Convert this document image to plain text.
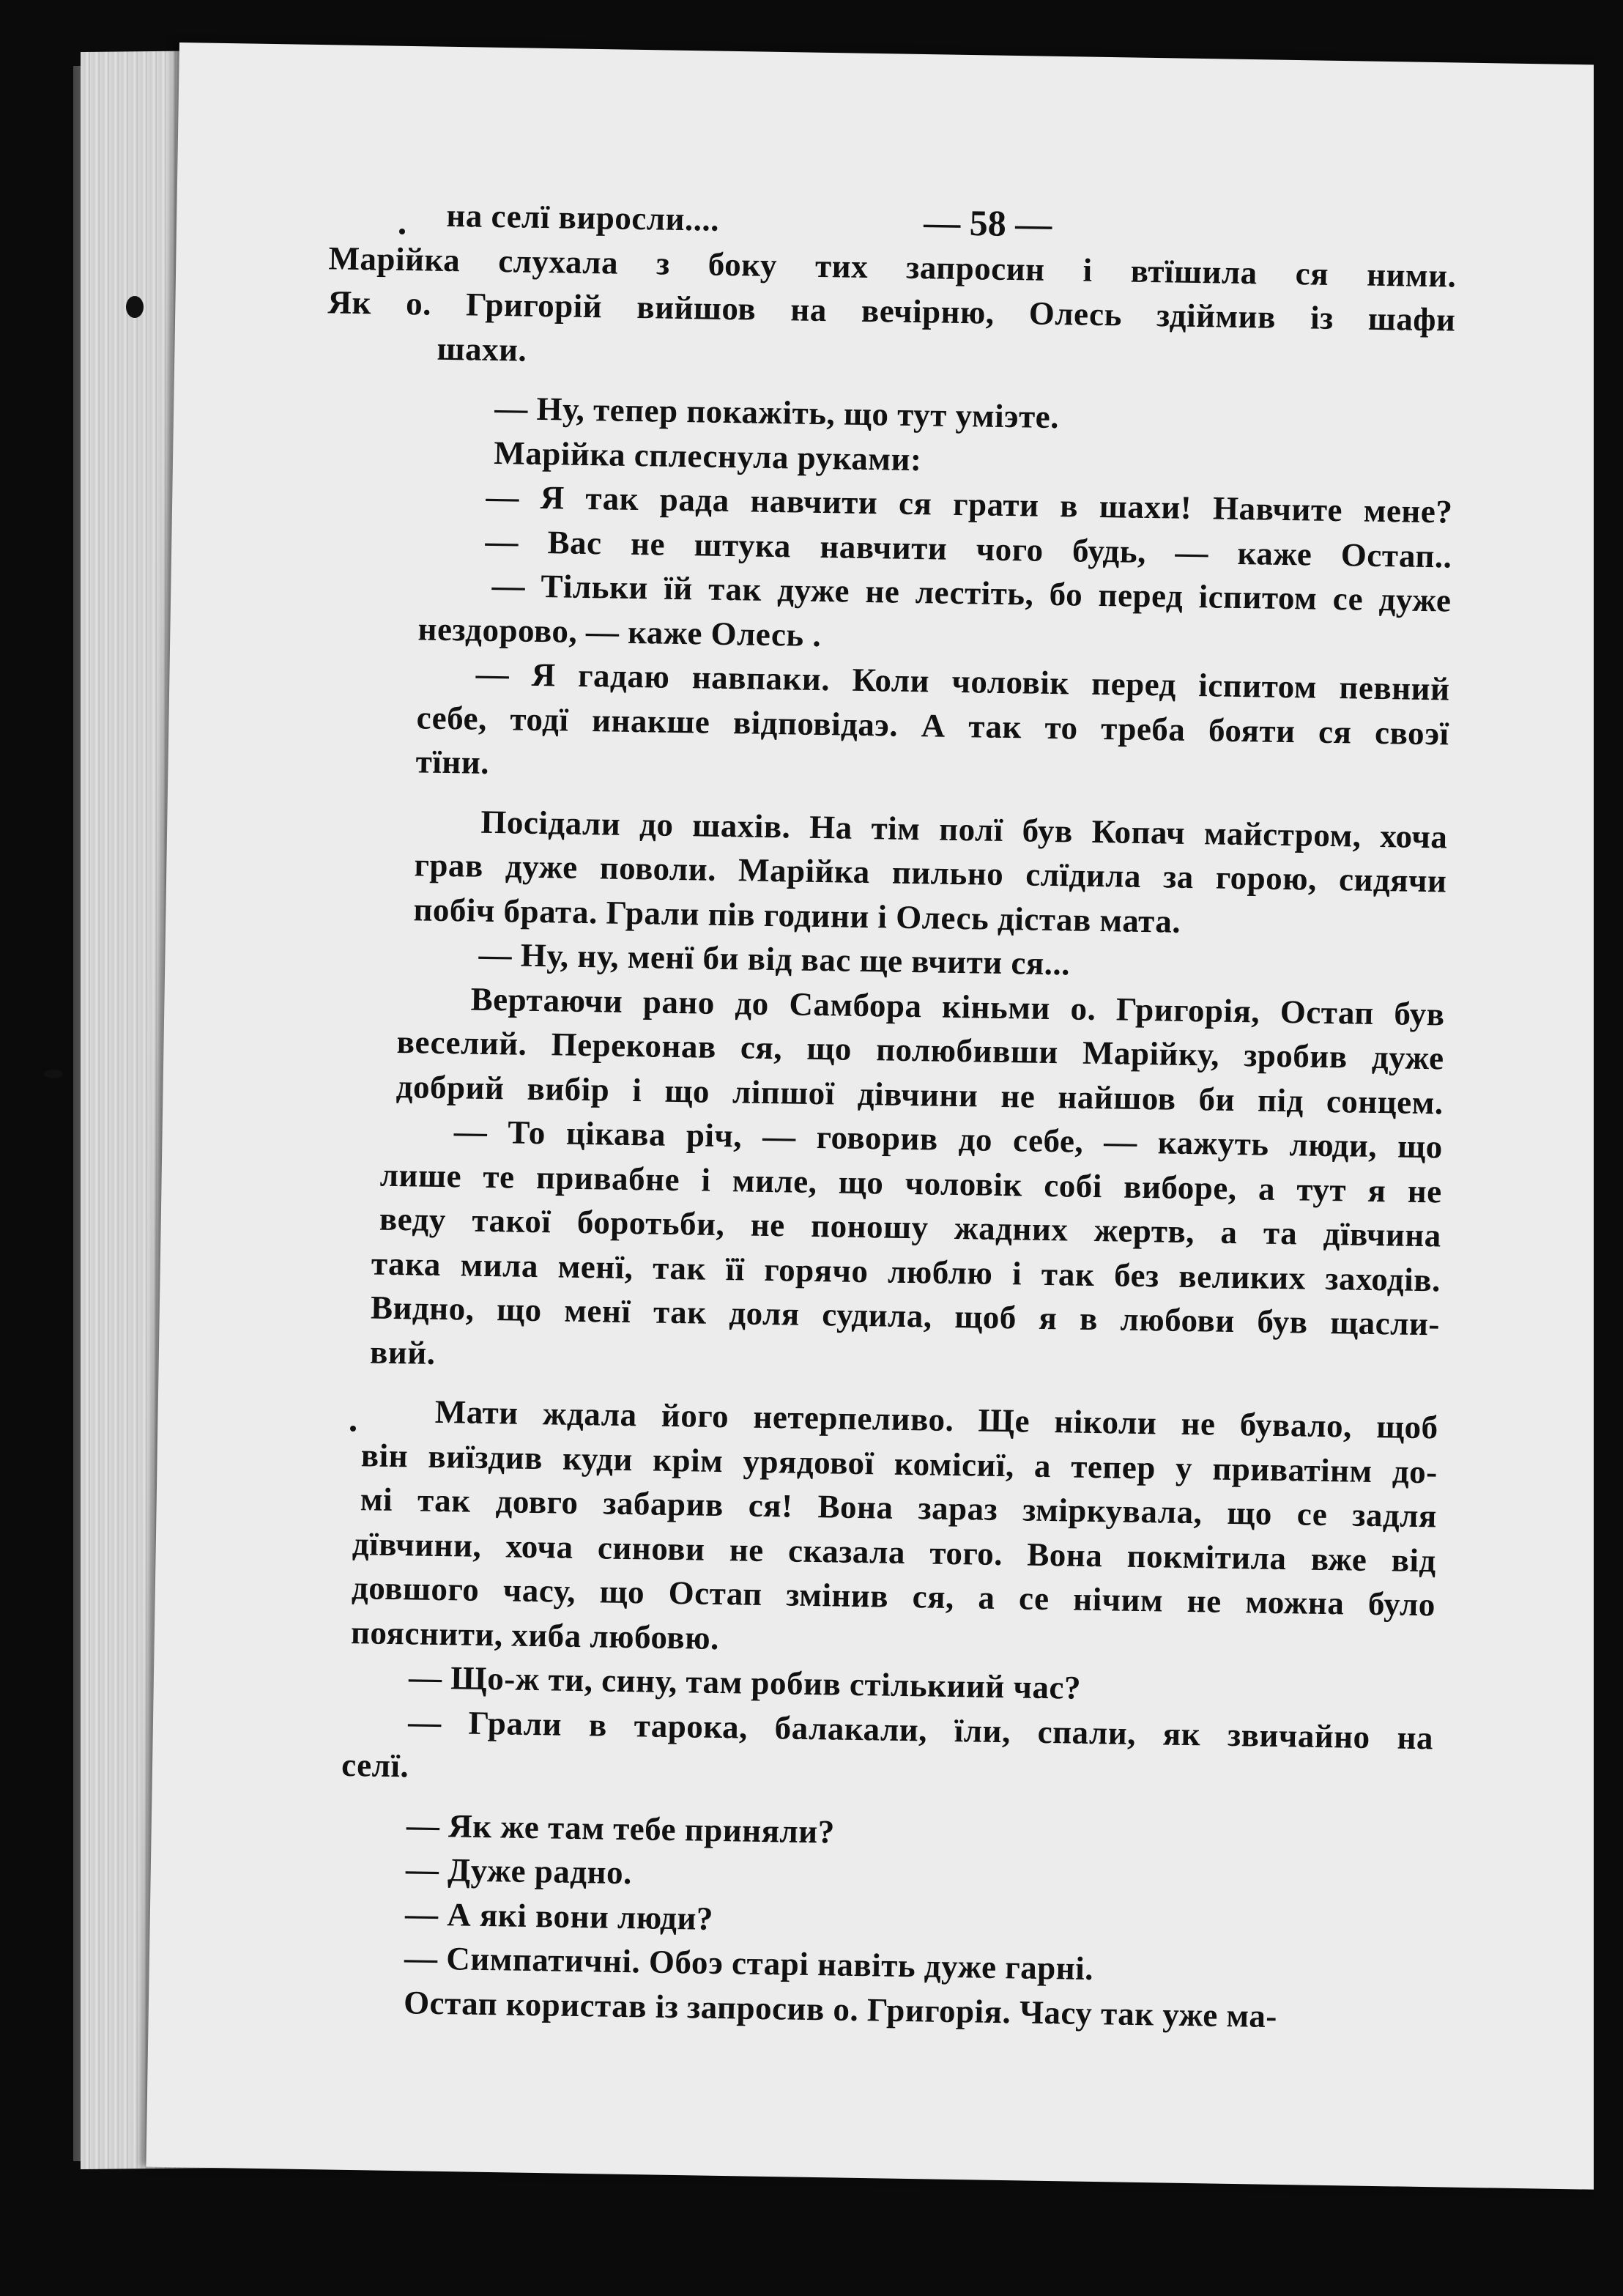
— 58 —
на селї виросли....
Марійка слухала з боку тих запросин і втїшила ся ними.
Як о. Григорій вийшов на вечірню, Олесь здіймив із шафи
шахи.
— Ну, тепер покажіть, що тут уміэте.
Марійка сплеснула руками:
— Я так рада навчити ся грати в шахи! Навчите мене?
— Вас не штука навчити чого будь, — каже Остап..
— Тільки їй так дуже не лестіть, бо перед іспитом се дуже
нездорово, — каже Олесь .
— Я гадаю навпаки. Коли чоловік перед іспитом певний
себе, тодї инакше відповідаэ. А так то треба бояти ся своэї
тїни.
Посідали до шахів. На тім полї був Копач майстром, хоча
грав дуже поволи. Марійка пильно слїдила за горою, сидячи
побіч брата. Грали пів години і Олесь дістав мата.
— Ну, ну, менї би від вас ще вчити ся...
Вертаючи рано до Самбора кіньми о. Григорія, Остап був
веселий. Переконав ся, що полюбивши Марійку, зробив дуже
добрий вибір і що ліпшої дівчини не найшов би під сонцем.
— То цікава річ, — говорив до себе, — кажуть люди, що
лише те привабне і миле, що чоловік собі вибоpе, а тут я не
веду такої боротьби, не поношу жадних жертв, а та дївчина
така мила менї, так її горячо люблю і так без великих заходів.
Видно, що менї так доля судила, щоб я в любови був щасли-
вий.
Мати ждала його нетерпеливо. Ще ніколи не бувало, щоб
він виїздив куди крім урядової комісиї, а тепер у приватінм до-
мі так довго забарив ся! Вона зараз зміркувала, що се задля
дївчини, хоча синови не сказала того. Вона покмітила вже від
довшого часу, що Остап змінив ся, а се нічим не можна було
пояснити, хиба любовю.
— Що-ж ти, сину, там робив стількиий час?
— Грали в тарока, балакали, їли, спали, як звичайно на
селї.
— Як же там тебе приняли?
— Дуже радно.
— А які вони люди?
— Симпатичні. Обоэ старі навіть дуже гарні.
Остап користав із запросив о. Григорія. Часу так уже ма-
